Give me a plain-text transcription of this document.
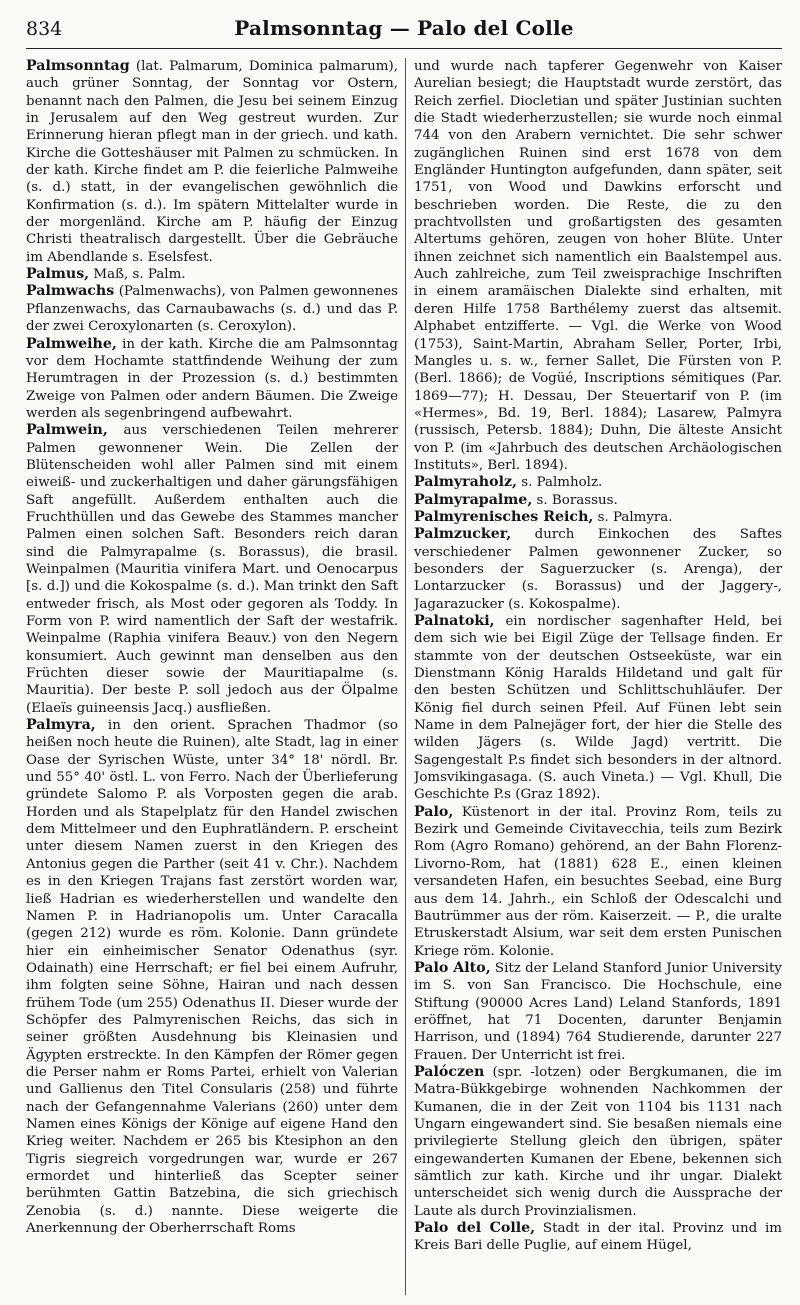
834	Palmsonntag — Palo del Colle

Palmsonntag (lat. Palmarum, Dominica palmarum), auch grüner Sonntag, der Sonntag vor Ostern, benannt nach den Palmen, die Jesu bei seinem Einzug in Jerusalem auf den Weg gestreut wurden. Zur Erinnerung hieran pflegt man in der griech. und kath. Kirche die Gotteshäuser mit Palmen zu schmücken. In der kath. Kirche findet am P. die feierliche Palmweihe (s. d.) statt, in der evangelischen gewöhnlich die Konfirmation (s. d.). Im spätern Mittelalter wurde in der morgenländ. Kirche am P. häufig der Einzug Christi theatralisch dargestellt. Über die Gebräuche im Abendlande s. Eselsfest.

Palmus, Maß, s. Palm.

Palmwachs (Palmenwachs), von Palmen gewonnenes Pflanzenwachs, das Carnaubawachs (s. d.) und das P. der zwei Ceroxylonarten (s. Ceroxylon).

Palmweihe, in der kath. Kirche die am Palmsonntag vor dem Hochamte stattfindende Weihung der zum Herumtragen in der Prozession (s. d.) bestimmten Zweige von Palmen oder andern Bäumen. Die Zweige werden als segenbringend aufbewahrt.

Palmwein, aus verschiedenen Teilen mehrerer Palmen gewonnener Wein. Die Zellen der Blütenscheiden wohl aller Palmen sind mit einem eiweiß- und zuckerhaltigen und daher gärungsfähigen Saft angefüllt. Außerdem enthalten auch die Fruchthüllen und das Gewebe des Stammes mancher Palmen einen solchen Saft. Besonders reich daran sind die Palmyrapalme (s. Borassus), die brasil. Weinpalmen (Mauritia vinifera Mart. und Oenocarpus [s. d.]) und die Kokospalme (s. d.). Man trinkt den Saft entweder frisch, als Most oder gegoren als Toddy. In Form von P. wird namentlich der Saft der westafrik. Weinpalme (Raphia vinifera Beauv.) von den Negern konsumiert. Auch gewinnt man denselben aus den Früchten dieser sowie der Mauritiapalme (s. Mauritia). Der beste P. soll jedoch aus der Ölpalme (Elaeïs guineensis Jacq.) ausfließen.

Palmyra, in den orient. Sprachen Thadmor (so heißen noch heute die Ruinen), alte Stadt, lag in einer Oase der Syrischen Wüste, unter 34° 18' nördl. Br. und 55° 40' östl. L. von Ferro. Nach der Überlieferung gründete Salomo P. als Vorposten gegen die arab. Horden und als Stapelplatz für den Handel zwischen dem Mittelmeer und den Euphratländern. P. erscheint unter diesem Namen zuerst in den Kriegen des Antonius gegen die Parther (seit 41 v. Chr.). Nachdem es in den Kriegen Trajans fast zerstört worden war, ließ Hadrian es wiederherstellen und wandelte den Namen P. in Hadrianopolis um. Unter Caracalla (gegen 212) wurde es röm. Kolonie. Dann gründete hier ein einheimischer Senator Odenathus (syr. Odainath) eine Herrschaft; er fiel bei einem Aufruhr, ihm folgten seine Söhne, Hairan und nach dessen frühem Tode (um 255) Odenathus II. Dieser wurde der Schöpfer des Palmyrenischen Reichs, das sich in seiner größten Ausdehnung bis Kleinasien und Ägypten erstreckte. In den Kämpfen der Römer gegen die Perser nahm er Roms Partei, erhielt von Valerian und Gallienus den Titel Consularis (258) und führte nach der Gefangennahme Valerians (260) unter dem Namen eines Königs der Könige auf eigene Hand den Krieg weiter. Nachdem er 265 bis Ktesiphon an den Tigris siegreich vorgedrungen war, wurde er 267 ermordet und hinterließ das Scepter seiner berühmten Gattin Batzebina, die sich griechisch Zenobia (s. d.) nannte. Diese weigerte die Anerkennung der Oberherrschaft Roms

und wurde nach tapferer Gegenwehr von Kaiser Aurelian besiegt; die Hauptstadt wurde zerstört, das Reich zerfiel. Diocletian und später Justinian suchten die Stadt wiederherzustellen; sie wurde noch einmal 744 von den Arabern vernichtet. Die sehr schwer zugänglichen Ruinen sind erst 1678 von dem Engländer Huntington aufgefunden, dann später, seit 1751, von Wood und Dawkins erforscht und beschrieben worden. Die Reste, die zu den prachtvollsten und großartigsten des gesamten Altertums gehören, zeugen von hoher Blüte. Unter ihnen zeichnet sich namentlich ein Baalstempel aus. Auch zahlreiche, zum Teil zweisprachige Inschriften in einem aramäischen Dialekte sind erhalten, mit deren Hilfe 1758 Barthélemy zuerst das altsemit. Alphabet entzifferte. — Vgl. die Werke von Wood (1753), Saint-Martin, Abraham Seller, Porter, Irbi, Mangles u. s. w., ferner Sallet, Die Fürsten von P. (Berl. 1866); de Vogüé, Inscriptions sémitiques (Par. 1869—77); H. Dessau, Der Steuertarif von P. (im «Hermes», Bd. 19, Berl. 1884); Lasarew, Palmyra (russisch, Petersb. 1884); Duhn, Die älteste Ansicht von P. (im «Jahrbuch des deutschen Archäologischen Instituts», Berl. 1894).

Palmyraholz, s. Palmholz.

Palmyrapalme, s. Borassus.

Palmyrenisches Reich, s. Palmyra.

Palmzucker, durch Einkochen des Saftes verschiedener Palmen gewonnener Zucker, so besonders der Saguerzucker (s. Arenga), der Lontarzucker (s. Borassus) und der Jaggery-, Jagarazucker (s. Kokospalme).

Palnatoki, ein nordischer sagenhafter Held, bei dem sich wie bei Eigil Züge der Tellsage finden. Er stammte von der deutschen Ostseeküste, war ein Dienstmann König Haralds Hildetand und galt für den besten Schützen und Schlittschuhläufer. Der König fiel durch seinen Pfeil. Auf Fünen lebt sein Name in dem Palnejäger fort, der hier die Stelle des wilden Jägers (s. Wilde Jagd) vertritt. Die Sagengestalt P.s findet sich besonders in der altnord. Jomsvikingasaga. (S. auch Vineta.) — Vgl. Khull, Die Geschichte P.s (Graz 1892).

Palo, Küstenort in der ital. Provinz Rom, teils zu Bezirk und Gemeinde Civitavecchia, teils zum Bezirk Rom (Agro Romano) gehörend, an der Bahn Florenz-Livorno-Rom, hat (1881) 628 E., einen kleinen versandeten Hafen, ein besuchtes Seebad, eine Burg aus dem 14. Jahrh., ein Schloß der Odescalchi und Bautrümmer aus der röm. Kaiserzeit. — P., die uralte Etruskerstadt Alsium, war seit dem ersten Punischen Kriege röm. Kolonie.

Palo Alto, Sitz der Leland Stanford Junior University im S. von San Francisco. Die Hochschule, eine Stiftung (90000 Acres Land) Leland Stanfords, 1891 eröffnet, hat 71 Docenten, darunter Benjamin Harrison, und (1894) 764 Studierende, darunter 227 Frauen. Der Unterricht ist frei.

Palóczen (spr. -lotzen) oder Bergkumanen, die im Matra-Bükkgebirge wohnenden Nachkommen der Kumanen, die in der Zeit von 1104 bis 1131 nach Ungarn eingewandert sind. Sie besaßen niemals eine privilegierte Stellung gleich den übrigen, später eingewanderten Kumanen der Ebene, bekennen sich sämtlich zur kath. Kirche und ihr ungar. Dialekt unterscheidet sich wenig durch die Aussprache der Laute als durch Provinzialismen.

Palo del Colle, Stadt in der ital. Provinz und im Kreis Bari delle Puglie, auf einem Hügel,
